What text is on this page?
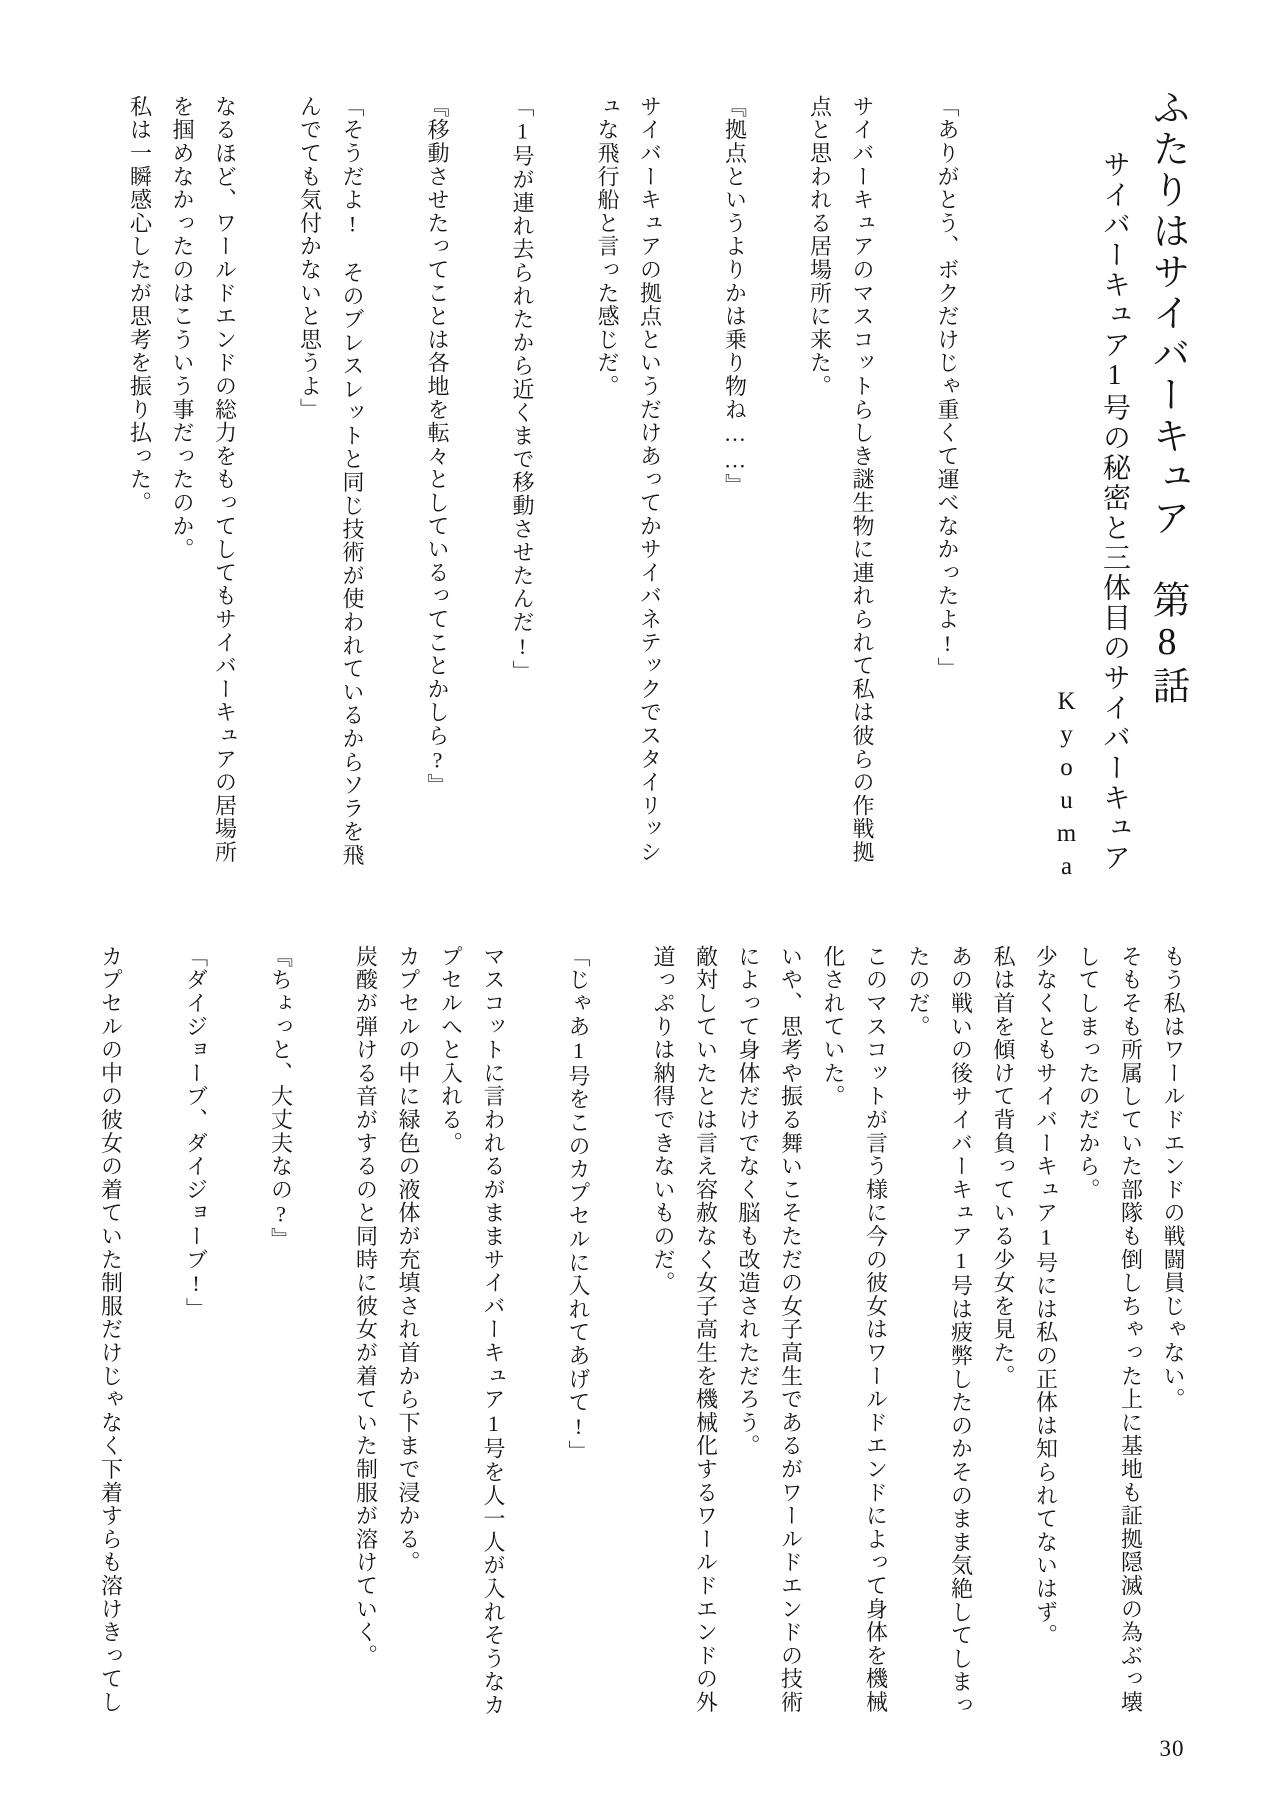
ふたりはサイバーキュア　第8話

サイバーキュア1号の秘密と三体目のサイバーキュア

Kyouma

「ありがとう、ボクだけじゃ重くて運べなかったよ!」

サイバーキュアのマスコットらしき謎生物に連れられて私は彼らの作戦拠点と思われる居場所に来た。

『拠点というよりかは乗り物ね……』

サイバーキュアの拠点というだけあってかサイバネテックでスタイリッシュな飛行船と言った感じだ。

「1号が連れ去られたから近くまで移動させたんだ!」

『移動させたってことは各地を転々としているってことかしら?』

「そうだよ!　そのブレスレットと同じ技術が使われているからソラを飛んでても気付かないと思うよ」

なるほど、ワールドエンドの総力をもってしてもサイバーキュアの居場所を掴めなかったのはこういう事だったのか。

私は一瞬感心したが思考を振り払った。

もう私はワールドエンドの戦闘員じゃない。

そもそも所属していた部隊も倒しちゃった上に基地も証拠隠滅の為ぶっ壊してしまったのだから。

少なくともサイバーキュア1号には私の正体は知られてないはず。

私は首を傾けて背負っている少女を見た。

あの戦いの後サイバーキュア1号は疲弊したのかそのまま気絶してしまったのだ。

このマスコットが言う様に今の彼女はワールドエンドによって身体を機械化されていた。

いや、思考や振る舞いこそただの女子高生であるがワールドエンドの技術によって身体だけでなく脳も改造されただろう。

敵対していたとは言え容赦なく女子高生を機械化するワールドエンドの外道っぷりは納得できないものだ。

「じゃあ1号をこのカプセルに入れてあげて!」

マスコットに言われるがままサイバーキュア1号を人一人が入れそうなカプセルへと入れる。

カプセルの中に緑色の液体が充填され首から下まで浸かる。

炭酸が弾ける音がするのと同時に彼女が着ていた制服が溶けていく。

『ちょっと、大丈夫なの?』

「ダイジョーブ、ダイジョーブ!」

カプセルの中の彼女の着ていた制服だけじゃなく下着すらも溶けきってし

30
